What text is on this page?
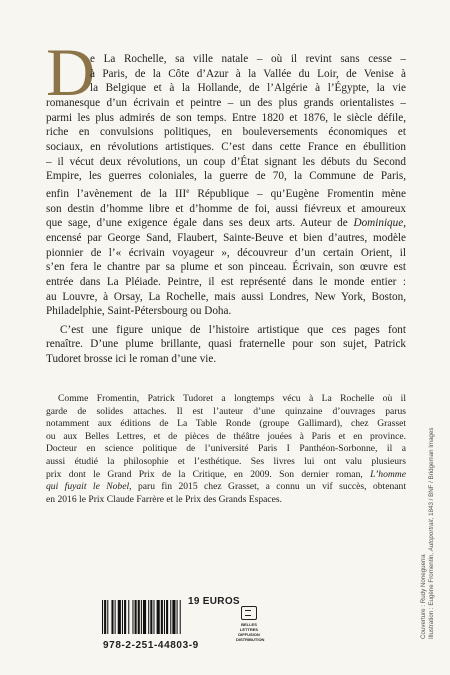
D

e La Rochelle, sa ville natale – où il revint sans cesse –
à Paris, de la Côte d’Azur à la Vallée du Loir, de Venise à
la Belgique et à la Hollande, de l’Algérie à l’Égypte, la vie
romanesque d’un écrivain et peintre – un des plus grands orientalistes –
parmi les plus admirés de son temps. Entre 1820 et 1876, le siècle défile,
riche en convulsions politiques, en bouleversements économiques et
sociaux, en révolutions artistiques. C’est dans cette France en ébullition
– il vécut deux révolutions, un coup d’État signant les débuts du Second
Empire, les guerres coloniales, la guerre de 70, la Commune de Paris,
enfin l’avènement de la IIIe République – qu’Eugène Fromentin mène
son destin d’homme libre et d’homme de foi, aussi fiévreux et amoureux
que sage, d’une exigence égale dans ses deux arts. Auteur de Dominique,
encensé par George Sand, Flaubert, Sainte-Beuve et bien d’autres, modèle
pionnier de l’« écrivain voyageur », découvreur d’un certain Orient, il
s’en fera le chantre par sa plume et son pinceau. Écrivain, son œuvre est
entrée dans La Pléiade. Peintre, il est représenté dans le monde entier :
au Louvre, à Orsay, La Rochelle, mais aussi Londres, New York, Boston,
Philadelphie, Saint-Pétersbourg ou Doha.

C’est une figure unique de l’histoire artistique que ces pages font
renaître. D’une plume brillante, quasi fraternelle pour son sujet, Patrick
Tudoret brosse ici le roman d’une vie.

Comme Fromentin, Patrick Tudoret a longtemps vécu à La Rochelle où il
garde de solides attaches. Il est l’auteur d’une quinzaine d’ouvrages parus
notamment aux éditions de La Table Ronde (groupe Gallimard), chez Grasset
ou aux Belles Lettres, et de pièces de théâtre jouées à Paris et en province.
Docteur en science politique de l’université Paris I Panthéon-Sorbonne, il a
aussi étudié la philosophie et l’esthétique. Ses livres lui ont valu plusieurs
prix dont le Grand Prix de la Critique, en 2009. Son dernier roman, L’homme
qui fuyait le Nobel, paru fin 2015 chez Grasset, a connu un vif succès, obtenant
en 2016 le Prix Claude Farrère et le Prix des Grands Espaces.
Couverture : Rudy Noneguerra Illustration : Eugène Fromentin, Autoportrait, 1843 / BNF / Bridgeman Images
19 EUROS
978-2-251-44803-9
BELLES LETTRES
DIFFUSION
DISTRIBUTION
